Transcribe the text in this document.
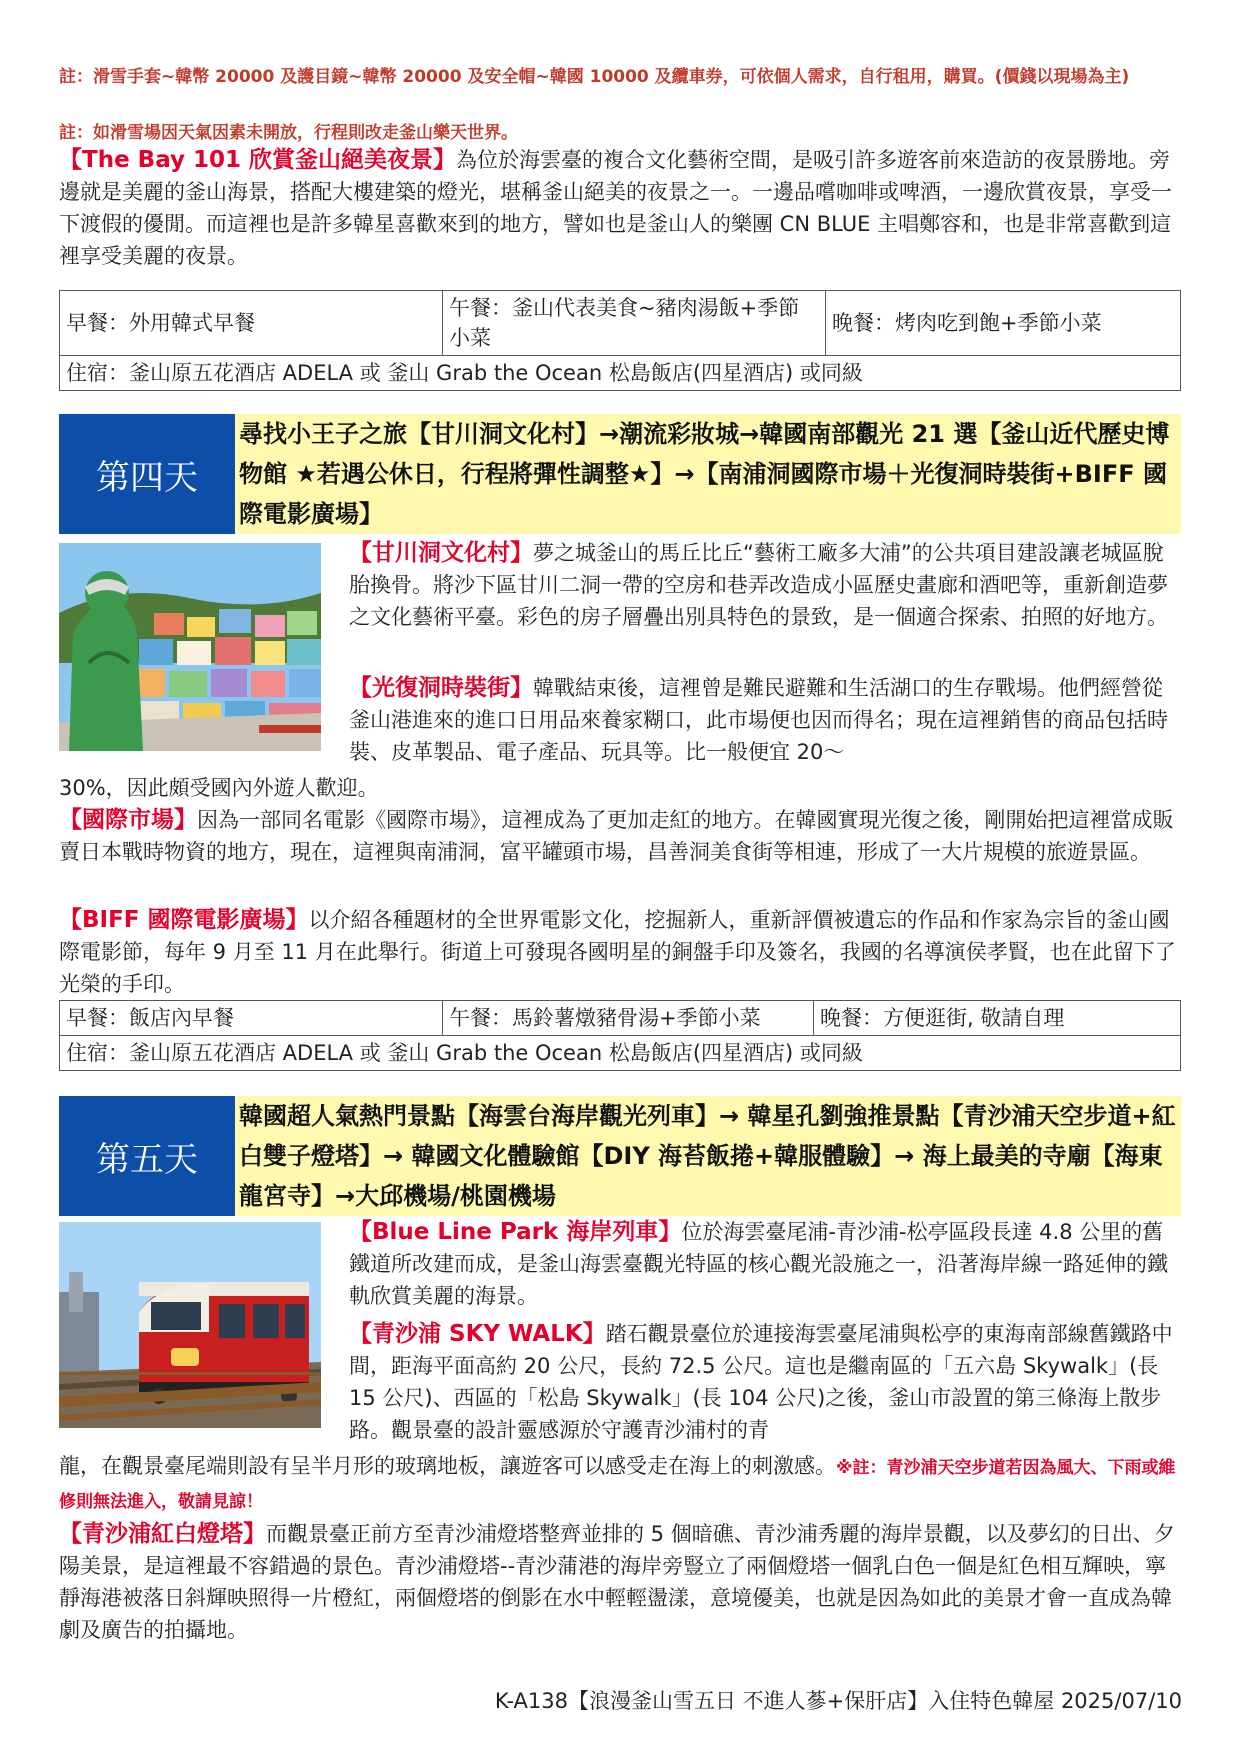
註：滑雪手套~韓幣 20000 及護目鏡~韓幣 20000 及安全帽~韓國 10000 及纜車券，可依個人需求，自行租用，購買。(價錢以現場為主)
註：如滑雪場因天氣因素未開放，行程則改走釜山樂天世界。
【The Bay 101 欣賞釜山絕美夜景】為位於海雲臺的複合文化藝術空間，是吸引許多遊客前來造訪的夜景勝地。旁邊就是美麗的釜山海景，搭配大樓建築的燈光，堪稱釜山絕美的夜景之一。一邊品嚐咖啡或啤酒，一邊欣賞夜景，享受一下渡假的優閒。而這裡也是許多韓星喜歡來到的地方，譬如也是釜山人的樂團 CN BLUE 主唱鄭容和，也是非常喜歡到這裡享受美麗的夜景。
早餐：外用韓式早餐	午餐：釜山代表美食~豬肉湯飯+季節小菜	晚餐：烤肉吃到飽+季節小菜
住宿：釜山原五花酒店 ADELA 或 釜山 Grab the Ocean 松島飯店(四星酒店) 或同級
第四天
尋找小王子之旅【甘川洞文化村】→潮流彩妝城→韓國南部觀光 21 選【釜山近代歷史博物館 ★若遇公休日，行程將彈性調整★】→【南浦洞國際市場＋光復洞時裝街+BIFF 國際電影廣場】
【甘川洞文化村】夢之城釜山的馬丘比丘“藝術工廠多大浦”的公共項目建設讓老城區脫胎換骨。將沙下區甘川二洞一帶的空房和巷弄改造成小區歷史畫廊和酒吧等，重新創造夢之文化藝術平臺。彩色的房子層疊出別具特色的景致，是一個適合探索、拍照的好地方。
【光復洞時裝街】韓戰結束後，這裡曾是難民避難和生活湖口的生存戰場。他們經營從釜山港進來的進口日用品來養家糊口，此市場便也因而得名；現在這裡銷售的商品包括時裝、皮革製品、電子產品、玩具等。比一般便宜 20～
30%，因此頗受國內外遊人歡迎。
【國際市場】因為一部同名電影《國際市場》，這裡成為了更加走紅的地方。在韓國實現光復之後，剛開始把這裡當成販賣日本戰時物資的地方，現在，這裡與南浦洞，富平罐頭市場，昌善洞美食街等相連，形成了一大片規模的旅遊景區。
【BIFF 國際電影廣場】以介紹各種題材的全世界電影文化，挖掘新人，重新評價被遺忘的作品和作家為宗旨的釜山國際電影節，每年 9 月至 11 月在此舉行。街道上可發現各國明星的銅盤手印及簽名，我國的名導演侯孝賢，也在此留下了光榮的手印。
早餐：飯店內早餐	午餐：馬鈴薯燉豬骨湯+季節小菜	晚餐：方便逛街, 敬請自理
住宿：釜山原五花酒店 ADELA 或 釜山 Grab the Ocean 松島飯店(四星酒店) 或同級
第五天
韓國超人氣熱門景點【海雲台海岸觀光列車】→ 韓星孔劉強推景點【青沙浦天空步道+紅白雙子燈塔】→ 韓國文化體驗館【DIY 海苔飯捲+韓服體驗】→ 海上最美的寺廟【海東龍宮寺】→大邱機場/桃園機場
【Blue Line Park 海岸列車】位於海雲臺尾浦-青沙浦-松亭區段長達 4.8 公里的舊鐵道所改建而成，是釜山海雲臺觀光特區的核心觀光設施之一，沿著海岸線一路延伸的鐵軌欣賞美麗的海景。
【青沙浦 SKY WALK】踏石觀景臺位於連接海雲臺尾浦與松亭的東海南部線舊鐵路中間，距海平面高約 20 公尺，長約 72.5 公尺。這也是繼南區的「五六島 Skywalk」(長 15 公尺)、西區的「松島 Skywalk」(長 104 公尺)之後，釜山市設置的第三條海上散步路。觀景臺的設計靈感源於守護青沙浦村的青
龍，在觀景臺尾端則設有呈半月形的玻璃地板，讓遊客可以感受走在海上的刺激感。※註：青沙浦天空步道若因為風大、下雨或維修則無法進入，敬請見諒！
【青沙浦紅白燈塔】而觀景臺正前方至青沙浦燈塔整齊並排的 5 個暗礁、青沙浦秀麗的海岸景觀，以及夢幻的日出、夕陽美景，是這裡最不容錯過的景色。青沙浦燈塔--青沙蒲港的海岸旁豎立了兩個燈塔一個乳白色一個是紅色相互輝映，寧靜海港被落日斜輝映照得一片橙紅，兩個燈塔的倒影在水中輕輕盪漾，意境優美，也就是因為如此的美景才會一直成為韓劇及廣告的拍攝地。
K-A138【浪漫釜山雪五日 不進人蔘+保肝店】入住特色韓屋 2025/07/10
